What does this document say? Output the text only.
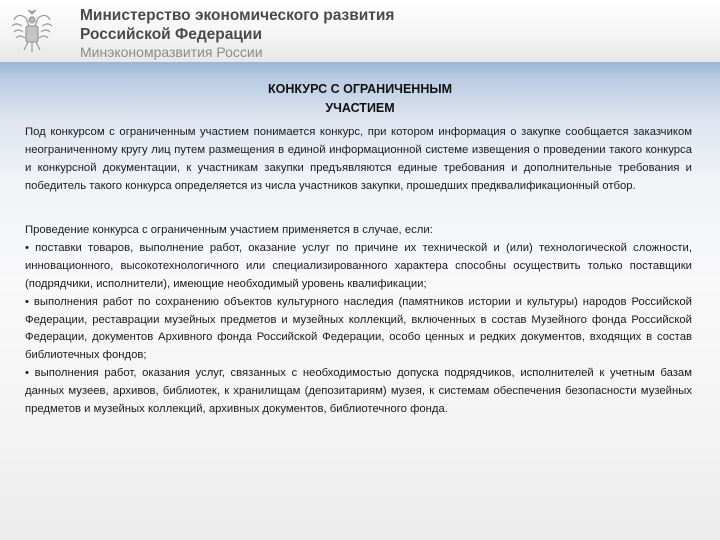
Министерство экономического развития
Российской Федерации
Минэкономразвития России
КОНКУРС С ОГРАНИЧЕННЫМ
УЧАСТИЕМ

Под конкурсом с ограниченным участием понимается конкурс, при котором информация о закупке сообщается заказчиком неограниченному кругу лиц путем размещения в единой информационной системе извещения о проведении такого конкурса и конкурсной документации, к участникам закупки предъявляются единые требования и дополнительные требования и победитель такого конкурса определяется из числа участников закупки, прошедших предквалификационный отбор.

Проведение конкурса с ограниченным участием применяется в случае, если:
• поставки товаров, выполнение работ, оказание услуг по причине их технической и (или) технологической сложности, инновационного, высокотехнологичного или специализированного характера способны осуществить только поставщики (подрядчики, исполнители), имеющие необходимый уровень квалификации;
• выполнения работ по сохранению объектов культурного наследия (памятников истории и культуры) народов Российской Федерации, реставрации музейных предметов и музейных коллекций, включенных в состав Музейного фонда Российской Федерации, документов Архивного фонда Российской Федерации, особо ценных и редких документов, входящих в состав библиотечных фондов;
• выполнения работ, оказания услуг, связанных с необходимостью допуска подрядчиков, исполнителей к учетным базам данных музеев, архивов, библиотек, к хранилищам (депозитариям) музея, к системам обеспечения безопасности музейных предметов и музейных коллекций, архивных документов, библиотечного фонда.
